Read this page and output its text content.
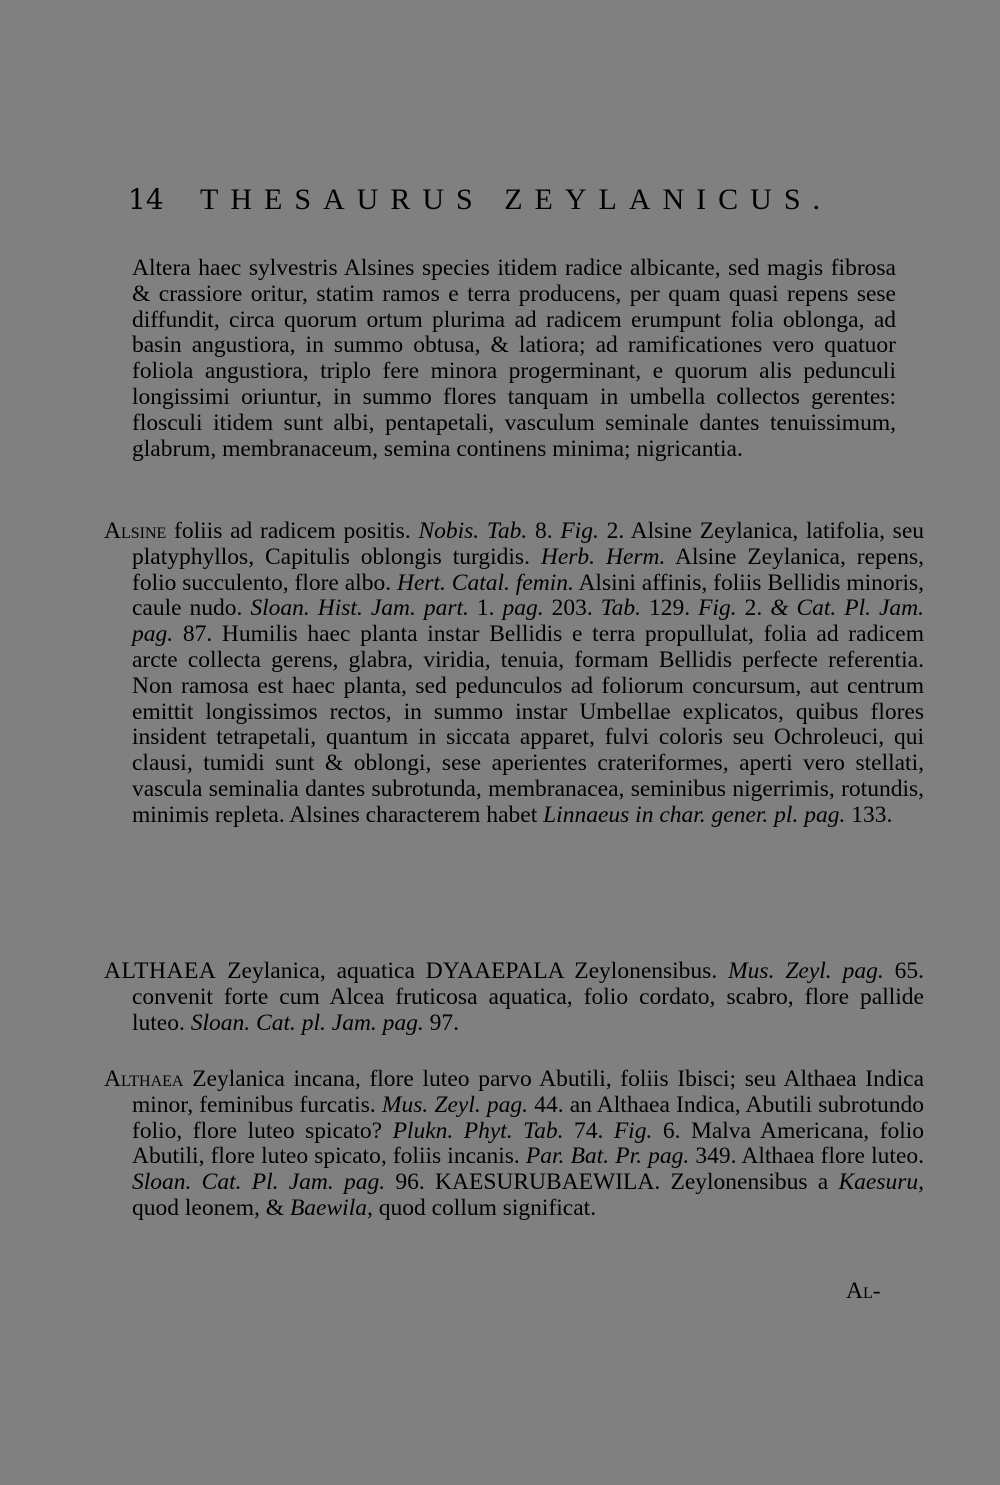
14 THESAURUS ZEYLANICUS.

Altera haec sylvestris Alsines species itidem radice albicante, sed magis fibrosa & crassiore oritur, statim ramos e terra producens, per quam quasi repens sese diffundit, circa quorum ortum plurima ad radicem erumpunt folia oblonga, ad basin angustiora, in summo obtusa, & latiora; ad ramificationes vero quatuor foliola angustiora, triplo fere minora progerminant, e quorum alis pedunculi longissimi oriuntur, in summo flores tanquam in umbella collectos gerentes: flosculi itidem sunt albi, pentapetali, vasculum seminale dantes tenuissimum, glabrum, membranaceum, semina continens minima; nigricantia.

Alsine foliis ad radicem positis. Nobis. Tab. 8. Fig. 2. Alsine Zeylanica, latifolia, seu platyphyllos, Capitulis oblongis turgidis. Herb. Herm. Alsine Zeylanica, repens, folio succulento, flore albo. Hert. Catal. femin. Alsini affinis, foliis Bellidis minoris, caule nudo. Sloan. Hist. Jam. part. 1. pag. 203. Tab. 129. Fig. 2. & Cat. Pl. Jam. pag. 87. Humilis haec planta instar Bellidis e terra propullulat, folia ad radicem arcte collecta gerens, glabra, viridia, tenuia, formam Bellidis perfecte referentia. Non ramosa est haec planta, sed pedunculos ad foliorum concursum, aut centrum emittit longissimos rectos, in summo instar Umbellae explicatos, quibus flores insident tetrapetali, quantum in siccata apparet, fulvi coloris seu Ochroleuci, qui clausi, tumidi sunt & oblongi, sese aperientes crateriformes, aperti vero stellati, vascula seminalia dantes subrotunda, membranacea, seminibus nigerrimis, rotundis, minimis repleta. Alsines characterem habet Linnaeus in char. gener. pl. pag. 133.

ALTHAEA Zeylanica, aquatica DYAAEPALA Zeylonensibus. Mus. Zeyl. pag. 65. convenit forte cum Alcea fruticosa aquatica, folio cordato, scabro, flore pallide luteo. Sloan. Cat. pl. Jam. pag. 97.

Althaea Zeylanica incana, flore luteo parvo Abutili, foliis Ibisci; seu Althaea Indica minor, feminibus furcatis. Mus. Zeyl. pag. 44. an Althaea Indica, Abutili subrotundo folio, flore luteo spicato? Plukn. Phyt. Tab. 74. Fig. 6. Malva Americana, folio Abutili, flore luteo spicato, foliis incanis. Par. Bat. Pr. pag. 349. Althaea flore luteo. Sloan. Cat. Pl. Jam. pag. 96. KAESURUBAEWILA. Zeylonensibus a Kaesuru, quod leonem, & Baewila, quod collum significat.

Al-
